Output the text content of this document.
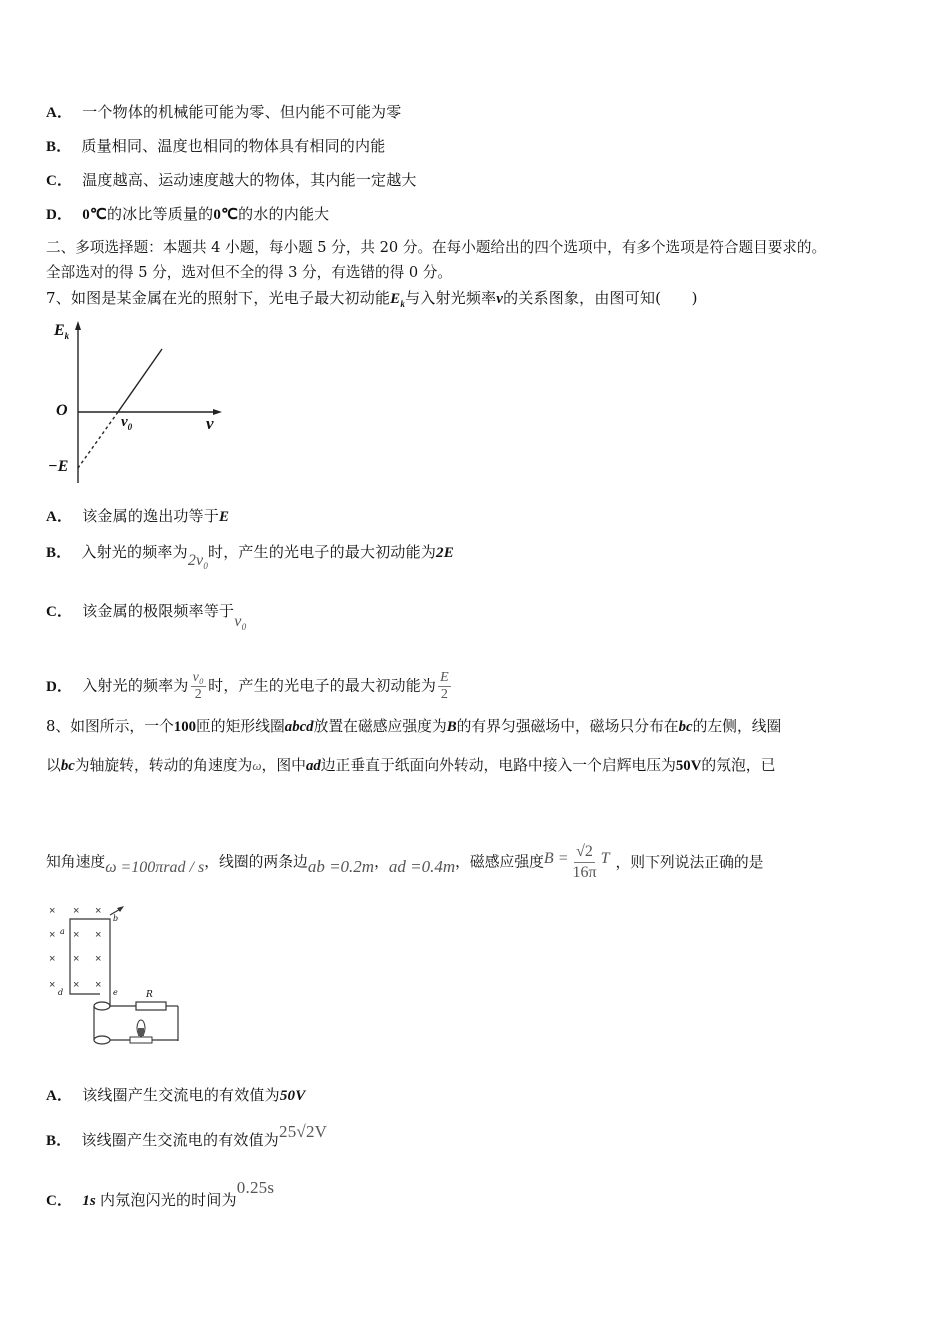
A． 一个物体的机械能可能为零、但内能不可能为零
B． 质量相同、温度也相同的物体具有相同的内能
C． 温度越高、运动速度越大的物体，其内能一定越大
D． 0℃的冰比等质量的0℃的水的内能大
二、多项选择题：本题共 4 小题，每小题 5 分，共 20 分。在每小题给出的四个选项中，有多个选项是符合题目要求的。
全部选对的得 5 分，选对但不全的得 3 分，有选错的得 0 分。
7、如图是某金属在光的照射下，光电子最大初动能$E_k$与入射光频率v的关系图象，由图可知(　　)
$E_k$
O
ν
$\nu_0$
−E
A． 该金属的逸出功等于E
B． 入射光的频率为$2\nu_0$时，产生的光电子的最大初动能为2E
C． 该金属的极限频率等于$\nu_0$
D． 入射光的频率为 $\frac{\text{ν₀}}{2}$ 时，产生的光电子的最大初动能为 $\frac{E}{2}$
8、如图所示，一个100匝的矩形线圈abcd放置在磁感应强度为B的有界匀强磁场中，磁场只分布在bc的左侧，线圈
以bc为轴旋转，转动的角速度为ω，图中ad边正垂直于纸面向外转动，电路中接入一个启辉电压为50V的氖泡，已
知角速度ω =100πrad / s，线圈的两条边ab =0.2m，ad =0.4m，磁感应强度$B = \frac{√2}{16\pi}$ T ，则下列说法正确的是
× × ×
× × ×
× × ×
× × ×
a
b
e
d	R
A． 该线圈产生交流电的有效值为50V
B． 该线圈产生交流电的有效值为25√2V
C． 1s 内氖泡闪光的时间为0.25s
